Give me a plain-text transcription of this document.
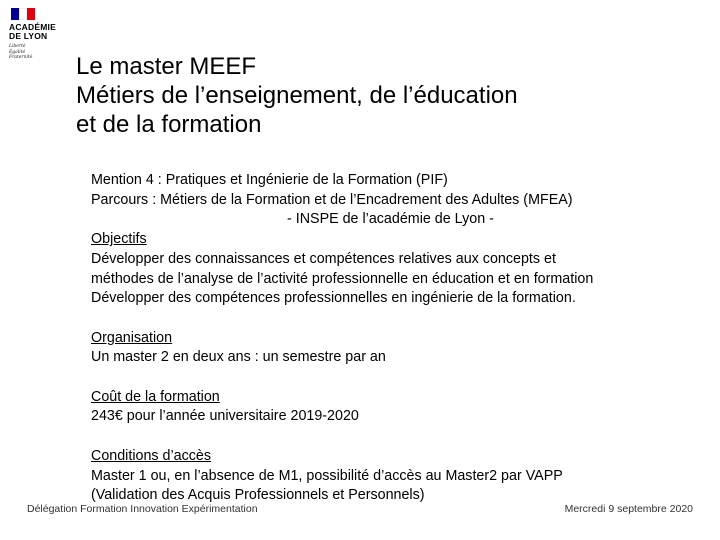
ACADÉMIE
DE LYON
Liberté
Égalité
Fraternité	Le master MEEF
Métiers de l’enseignement, de l’éducation
et de la formation
Mention 4 : Pratiques et Ingénierie de la Formation (PIF)
Parcours : Métiers de la Formation et de l’Encadrement des Adultes (MFEA)
- INSPE de l’académie de Lyon -
Objectifs
Développer des connaissances et compétences relatives aux concepts et
méthodes de l’analyse de l’activité professionnelle en éducation et en formation
Développer des compétences professionnelles en ingénierie de la formation.
Organisation
Un master 2 en deux ans : un semestre par an
Coût de la formation
243€ pour l’année universitaire 2019-2020
Conditions d’accès
Master 1 ou, en l’absence de M1, possibilité d’accès au Master2 par VAPP
(Validation des Acquis Professionnels et Personnels)
Délégation Formation Innovation Expérimentation	Mercredi 9 septembre 2020
